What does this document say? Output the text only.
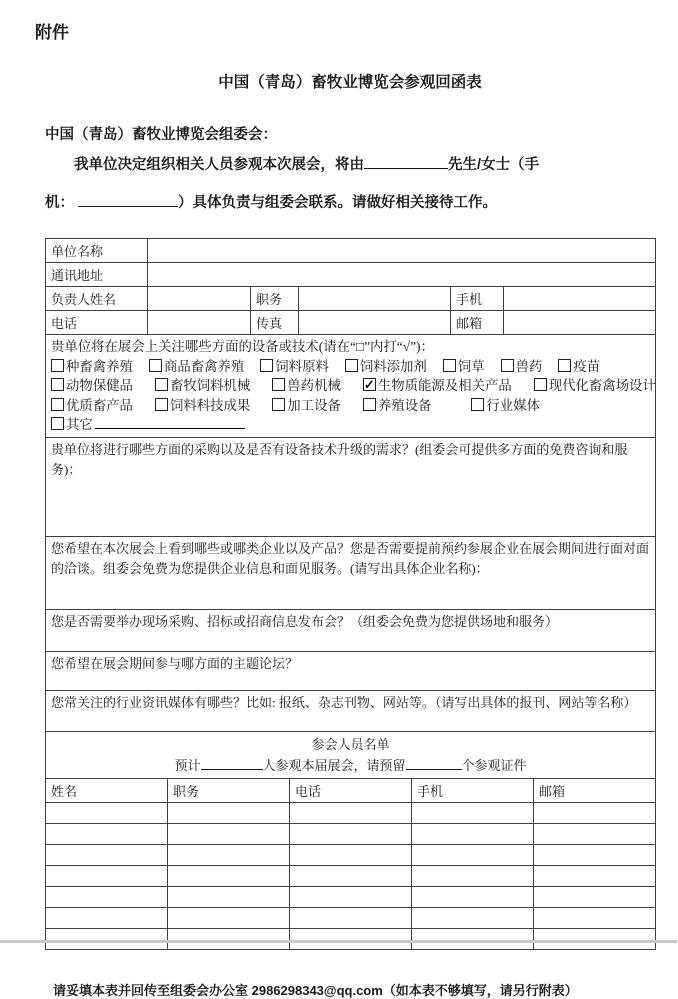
附件
中国（青岛）畜牧业博览会参观回函表
中国（青岛）畜牧业博览会组委会：

我单位决定组织相关人员参观本次展会，将由	先生/女士（手
机：	）具体负责与组委会联系。请做好相关接待工作。

单位名称					
通讯地址					
负责人姓名		职务		手机	
电话		传真		邮箱	

贵单位将在展会上关注哪些方面的设备或技术(请在“□”内打“√”)：
种畜禽养殖 商品畜禽养殖 饲料原料 饲料添加剂 饲草 兽药 疫苗
动物保健品 畜牧饲料机械 兽药机械 ✓ 生物质能源及相关产品 现代化畜禽场设计
优质畜产品 饲料科技成果 加工设备 养殖设备 行业媒体
其它

贵单位将进行哪些方面的采购以及是否有设备技术升级的需求？(组委会可提供多方面的免费咨询和服务)：					
您希望在本次展会上看到哪些或哪类企业以及产品？您是否需要提前预约参展企业在展会期间进行面对面的洽谈。组委会免费为您提供企业信息和面见服务。(请写出具体企业名称)：					
您是否需要举办现场采购、招标或招商信息发布会？（组委会免费为您提供场地和服务）					
您希望在展会期间参与哪方面的主题论坛？					
您常关注的行业资讯媒体有哪些？比如: 报纸、杂志刊物、网站等。（请写出具体的报刊、网站等名称）					

参会人员名单
预计 人参观本届展会，请预留 个参观证件					
姓名	职务	电话	手机	邮箱

请妥填本表并回传至组委会办公室 2986298343@qq.com（如本表不够填写，请另行附表）
